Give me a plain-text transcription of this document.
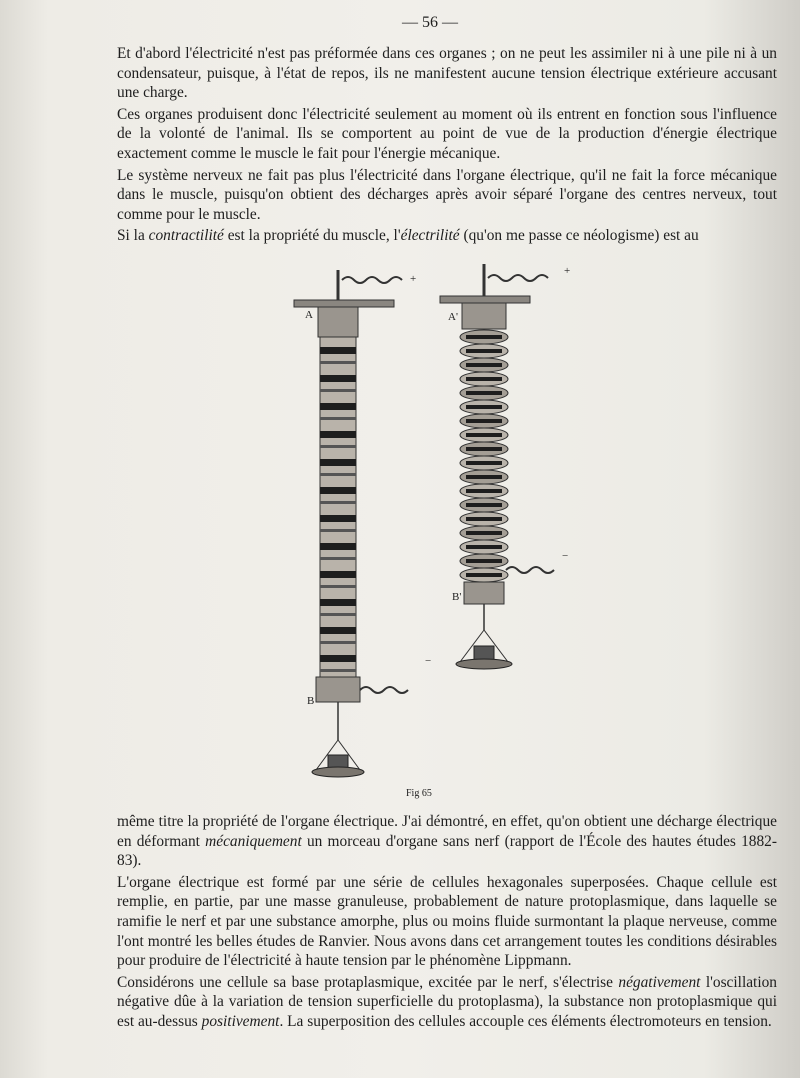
— 56 —

Et d'abord l'électricité n'est pas préformée dans ces organes ; on ne peut les assimiler ni à une pile ni à un condensateur, puisque, à l'état de repos, ils ne manifestent aucune tension électrique extérieure accusant une charge.

Ces organes produisent donc l'électricité seulement au moment où ils entrent en fonction sous l'influence de la volonté de l'animal. Ils se comportent au point de vue de la production d'énergie électrique exactement comme le muscle le fait pour l'énergie mécanique.

Le système nerveux ne fait pas plus l'électricité dans l'organe électrique, qu'il ne fait la force mécanique dans le muscle, puisqu'on obtient des décharges après avoir séparé l'organe des centres nerveux, tout comme pour le muscle.

Si la contractilité est la propriété du muscle, l'électrilité (qu'on me passe ce néologisme) est au

A	A'
B
B'
+
+
−
−
Fig 65

même titre la propriété de l'organe électrique. J'ai démontré, en effet, qu'on obtient une décharge électrique en déformant mécaniquement un morceau d'organe sans nerf (rapport de l'École des hautes études 1882-83).

L'organe électrique est formé par une série de cellules hexagonales superposées. Chaque cellule est remplie, en partie, par une masse granuleuse, probablement de nature protoplasmique, dans laquelle se ramifie le nerf et par une substance amorphe, plus ou moins fluide surmontant la plaque nerveuse, comme l'ont montré les belles études de Ranvier. Nous avons dans cet arrangement toutes les conditions désirables pour produire de l'électricité à haute tension par le phénomène Lippmann.

Considérons une cellule sa base protaplasmique, excitée par le nerf, s'électrise négativement l'oscillation négative dûe à la variation de tension superficielle du protoplasma), la substance non protoplasmique qui est au-dessus positivement. La superposition des cellules accouple ces éléments électromoteurs en tension.
